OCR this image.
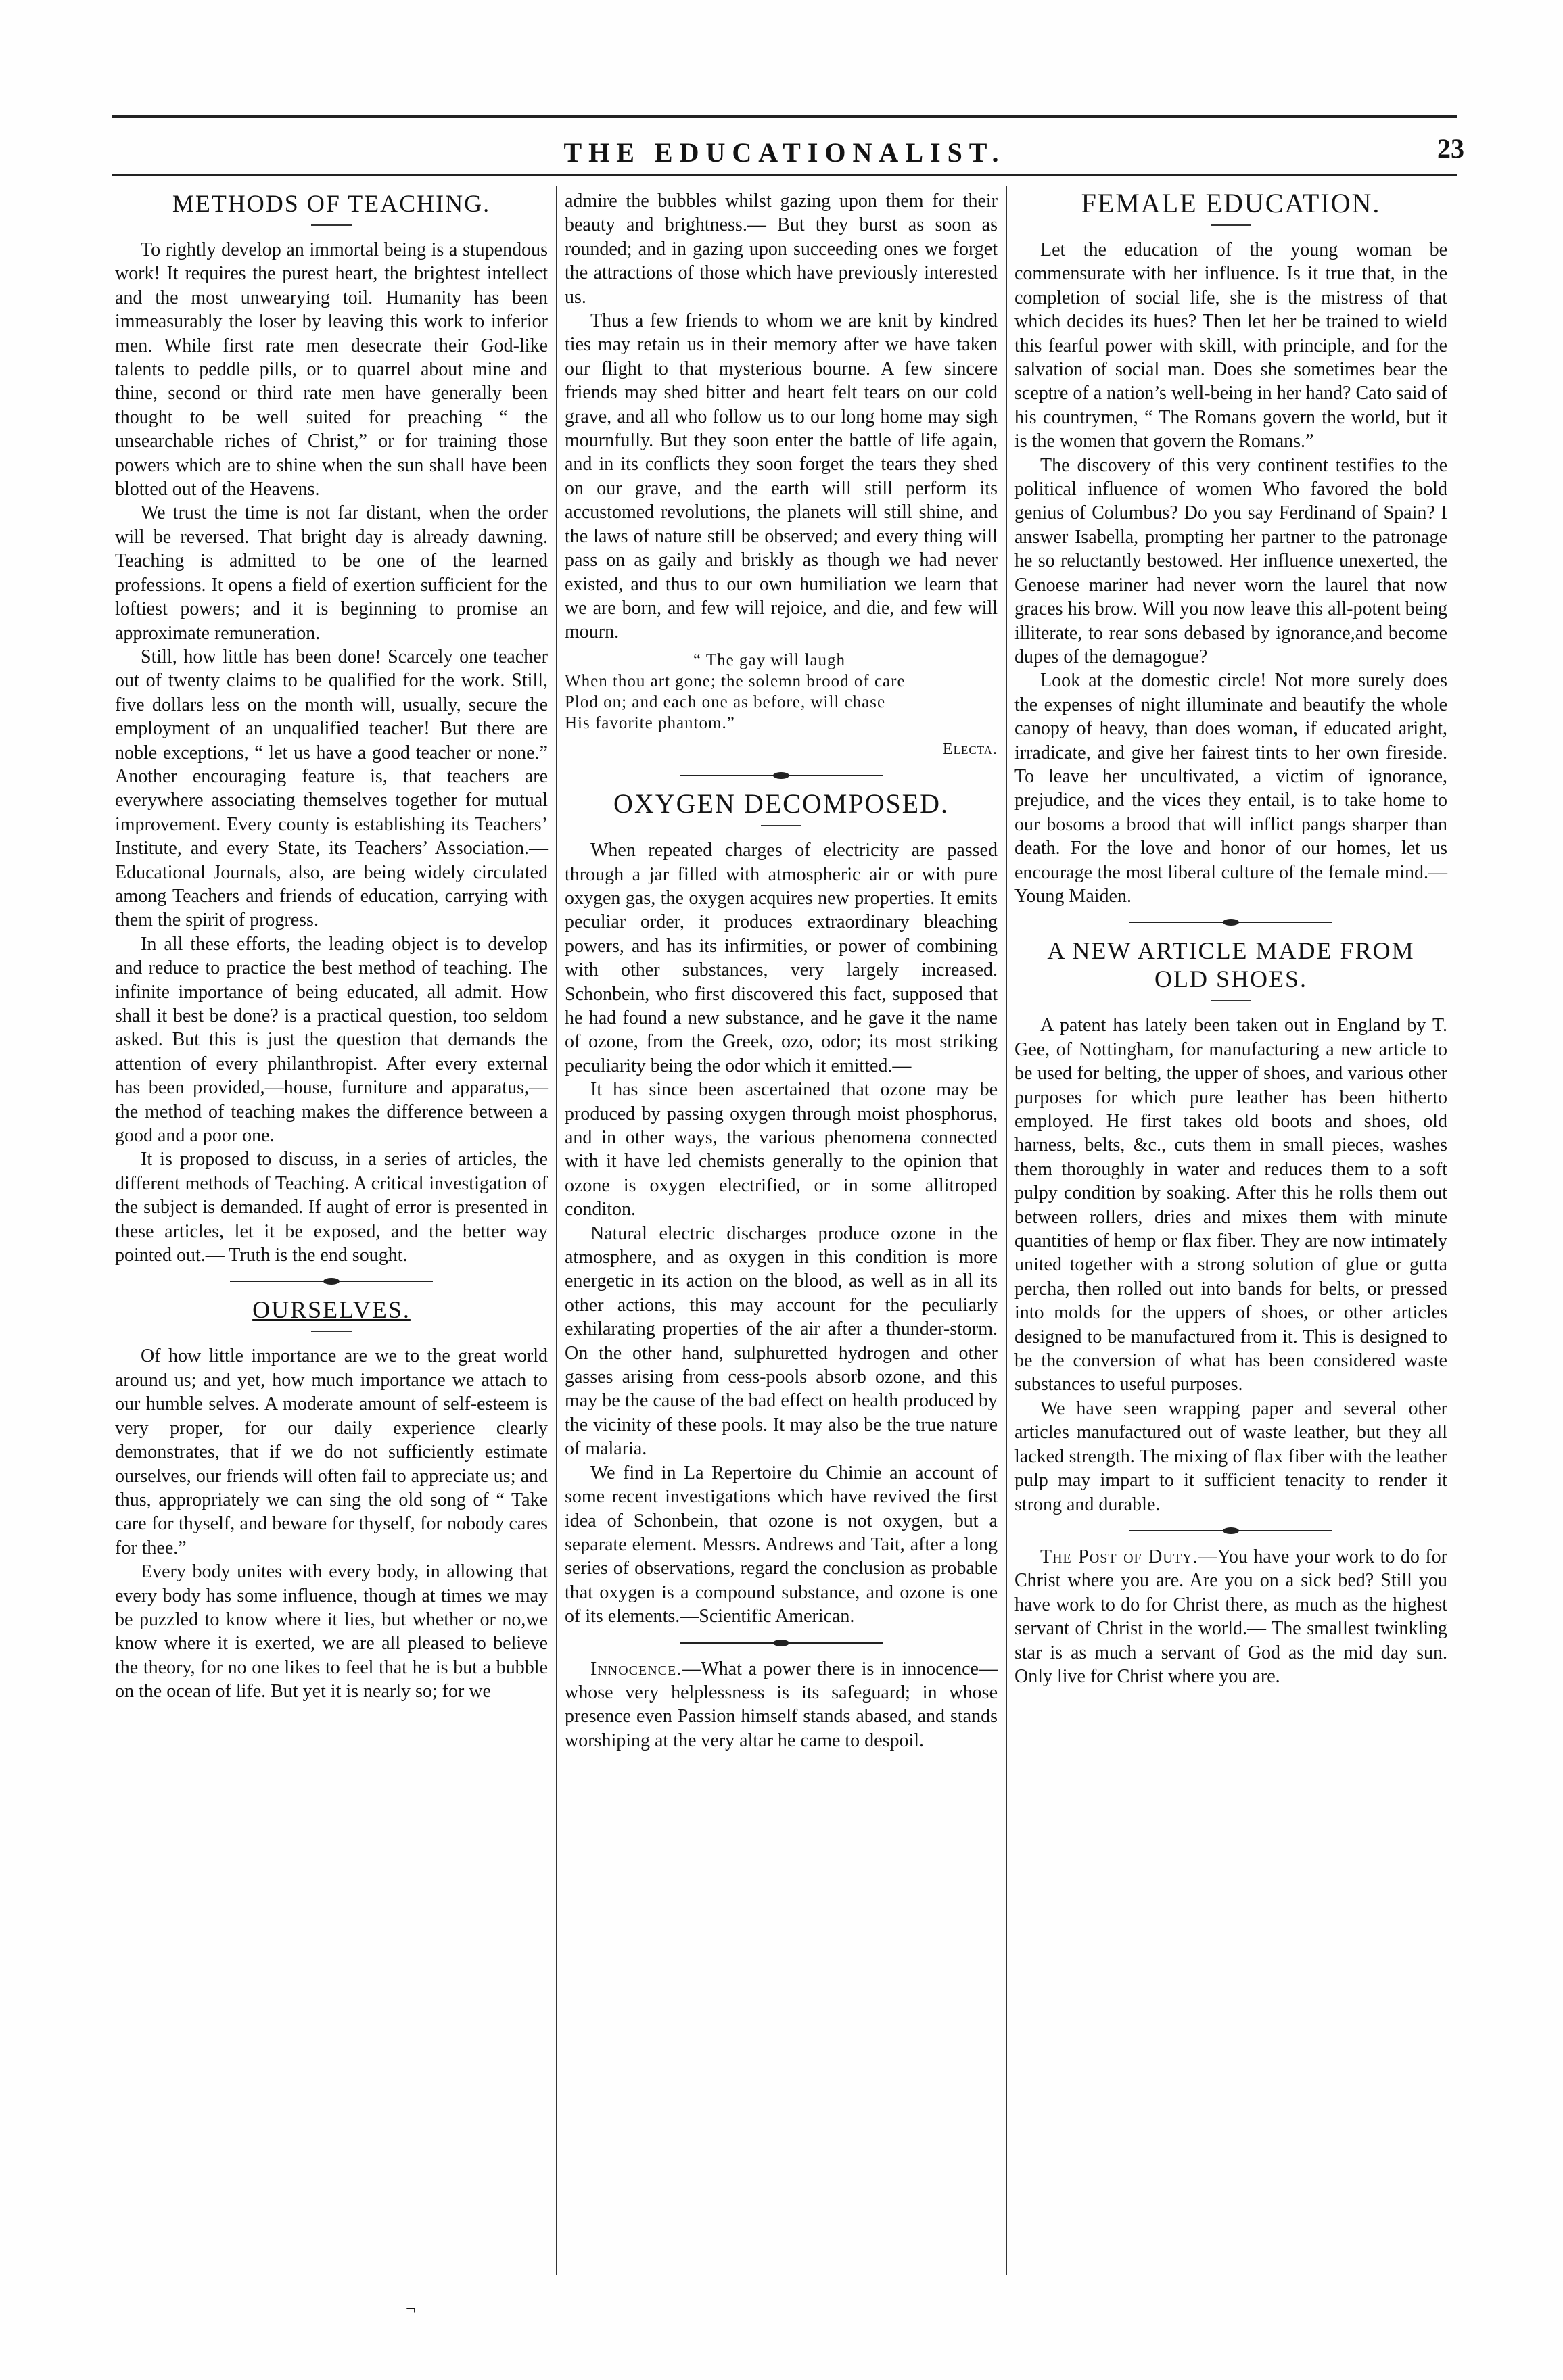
THE EDUCATIONALIST.	23
METHODS OF TEACHING.

To rightly develop an immortal being is a stupendous work! It requires the purest heart, the brightest intellect and the most unwearying toil. Humanity has been immeasurably the loser by leaving this work to inferior men. While first rate men desecrate their God-like talents to peddle pills, or to quarrel about mine and thine, second or third rate men have generally been thought to be well suited for preaching “ the unsearchable riches of Christ,” or for training those powers which are to shine when the sun shall have been blotted out of the Heavens.

We trust the time is not far distant, when the order will be reversed. That bright day is already dawning. Teaching is admitted to be one of the learned professions. It opens a field of exertion sufficient for the loftiest powers; and it is beginning to promise an approximate remuneration.

Still, how little has been done! Scarcely one teacher out of twenty claims to be qualified for the work. Still, five dollars less on the month will, usually, secure the employment of an unqualified teacher! But there are noble exceptions, “ let us have a good teacher or none.” Another encouraging feature is, that teachers are everywhere associating themselves together for mutual improvement. Every county is establishing its Teachers’ Institute, and every State, its Teachers’ Association.— Educational Journals, also, are being widely circulated among Teachers and friends of education, carrying with them the spirit of progress.

In all these efforts, the leading object is to develop and reduce to practice the best method of teaching. The infinite importance of being educated, all admit. How shall it best be done? is a practical question, too seldom asked. But this is just the question that demands the attention of every philanthropist. After every external has been provided,—house, furniture and apparatus,—the method of teaching makes the difference between a good and a poor one.

It is proposed to discuss, in a series of articles, the different methods of Teaching. A critical investigation of the subject is demanded. If aught of error is presented in these articles, let it be exposed, and the better way pointed out.— Truth is the end sought.

OURSELVES.

Of how little importance are we to the great world around us; and yet, how much importance we attach to our humble selves. A moderate amount of self-esteem is very proper, for our daily experience clearly demonstrates, that if we do not sufficiently estimate ourselves, our friends will often fail to appreciate us; and thus, appropriately we can sing the old song of “ Take care for thyself, and beware for thyself, for nobody cares for thee.”

Every body unites with every body, in allowing that every body has some influence, though at times we may be puzzled to know where it lies, but whether or no,we know where it is exerted, we are all pleased to believe the theory, for no one likes to feel that he is but a bubble on the ocean of life. But yet it is nearly so; for we

admire the bubbles whilst gazing upon them for their beauty and brightness.— But they burst as soon as rounded; and in gazing upon succeeding ones we forget the attractions of those which have previously interested us.

Thus a few friends to whom we are knit by kindred ties may retain us in their memory after we have taken our flight to that mysterious bourne. A few sincere friends may shed bitter and heart felt tears on our cold grave, and all who follow us to our long home may sigh mournfully. But they soon enter the battle of life again, and in its conflicts they soon forget the tears they shed on our grave, and the earth will still perform its accustomed revolutions, the planets will still shine, and the laws of nature still be observed; and every thing will pass on as gaily and briskly as though we had never existed, and thus to our own humiliation we learn that we are born, and few will rejoice, and die, and few will mourn.

“ The gay will laugh
When thou art gone; the solemn brood of care
Plod on; and each one as before, will chase
His favorite phantom.”
Electa.
OXYGEN DECOMPOSED.

When repeated charges of electricity are passed through a jar filled with atmospheric air or with pure oxygen gas, the oxygen acquires new properties. It emits peculiar order, it produces extraordinary bleaching powers, and has its infirmities, or power of combining with other substances, very largely increased. Schonbein, who first discovered this fact, supposed that he had found a new substance, and he gave it the name of ozone, from the Greek, ozo, odor; its most striking peculiarity being the odor which it emitted.—

It has since been ascertained that ozone may be produced by passing oxygen through moist phosphorus, and in other ways, the various phenomena connected with it have led chemists generally to the opinion that ozone is oxygen electrified, or in some allitroped conditon.

Natural electric discharges produce ozone in the atmosphere, and as oxygen in this condition is more energetic in its action on the blood, as well as in all its other actions, this may account for the peculiarly exhilarating properties of the air after a thunder-storm. On the other hand, sulphuretted hydrogen and other gasses arising from cess-pools absorb ozone, and this may be the cause of the bad effect on health produced by the vicinity of these pools. It may also be the true nature of malaria.

We find in La Repertoire du Chimie an account of some recent investigations which have revived the first idea of Schonbein, that ozone is not oxygen, but a separate element. Messrs. Andrews and Tait, after a long series of observations, regard the conclusion as probable that oxygen is a compound substance, and ozone is one of its elements.—Scientific American.

Innocence.—What a power there is in innocence—whose very helplessness is its safeguard; in whose presence even Passion himself stands abased, and stands worshiping at the very altar he came to despoil.

FEMALE EDUCATION.

Let the education of the young woman be commensurate with her influence. Is it true that, in the completion of social life, she is the mistress of that which decides its hues? Then let her be trained to wield this fearful power with skill, with principle, and for the salvation of social man. Does she sometimes bear the sceptre of a nation’s well-being in her hand? Cato said of his countrymen, “ The Romans govern the world, but it is the women that govern the Romans.”

The discovery of this very continent testifies to the political influence of women Who favored the bold genius of Columbus? Do you say Ferdinand of Spain? I answer Isabella, prompting her partner to the patronage he so reluctantly bestowed. Her influence unexerted, the Genoese mariner had never worn the laurel that now graces his brow. Will you now leave this all-potent being illiterate, to rear sons debased by ignorance,and become dupes of the demagogue?

Look at the domestic circle! Not more surely does the expenses of night illuminate and beautify the whole canopy of heavy, than does woman, if educated aright, irradicate, and give her fairest tints to her own fireside. To leave her uncultivated, a victim of ignorance, prejudice, and the vices they entail, is to take home to our bosoms a brood that will inflict pangs sharper than death. For the love and honor of our homes, let us encourage the most liberal culture of the female mind.—Young Maiden.

A NEW ARTICLE MADE FROM
OLD SHOES.

A patent has lately been taken out in England by T. Gee, of Nottingham, for manufacturing a new article to be used for belting, the upper of shoes, and various other purposes for which pure leather has been hitherto employed. He first takes old boots and shoes, old harness, belts, &c., cuts them in small pieces, washes them thoroughly in water and reduces them to a soft pulpy condition by soaking. After this he rolls them out between rollers, dries and mixes them with minute quantities of hemp or flax fiber. They are now intimately united together with a strong solution of glue or gutta percha, then rolled out into bands for belts, or pressed into molds for the uppers of shoes, or other articles designed to be manufactured from it. This is designed to be the conversion of what has been considered waste substances to useful purposes.

We have seen wrapping paper and several other articles manufactured out of waste leather, but they all lacked strength. The mixing of flax fiber with the leather pulp may impart to it sufficient tenacity to render it strong and durable.

The Post of Duty.—You have your work to do for Christ where you are. Are you on a sick bed? Still you have work to do for Christ there, as much as the highest servant of Christ in the world.— The smallest twinkling star is as much a servant of God as the mid day sun. Only live for Christ where you are.

¬
